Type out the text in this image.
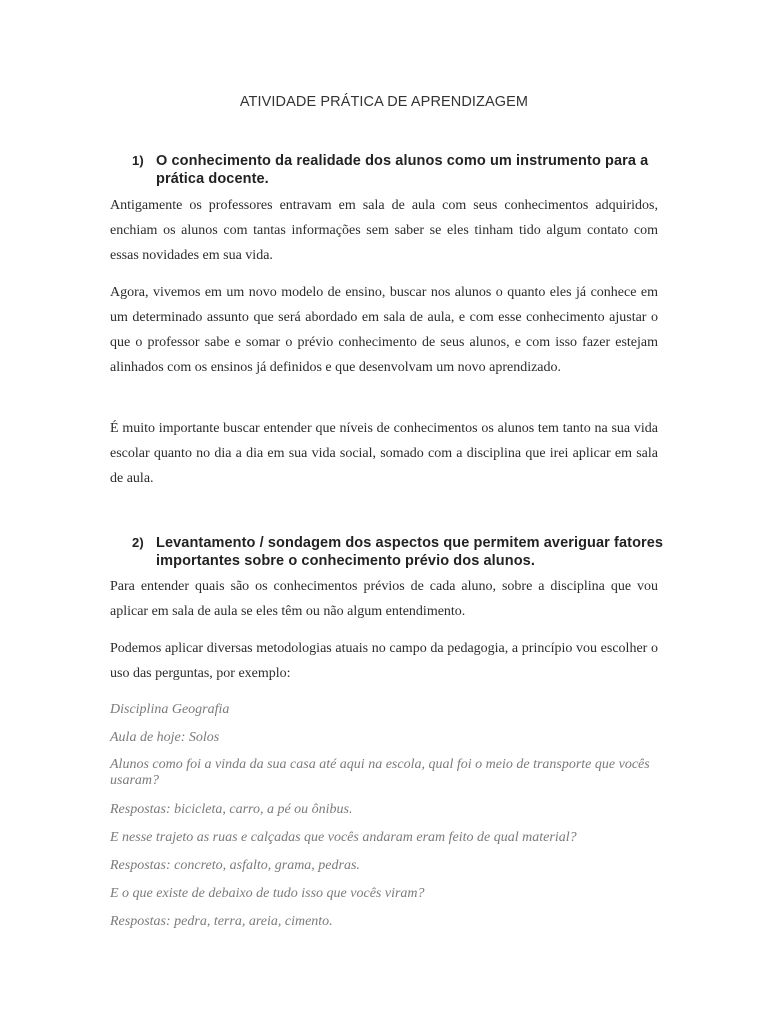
ATIVIDADE PRÁTICA DE APRENDIZAGEM
1) O conhecimento da realidade dos alunos como um instrumento para a prática docente.
Antigamente os professores entravam em sala de aula com seus conhecimentos adquiridos, enchiam os alunos com tantas informações sem saber se eles tinham tido algum contato com essas novidades em sua vida.
Agora, vivemos em um novo modelo de ensino, buscar nos alunos o quanto eles já conhece em um determinado assunto que será abordado em sala de aula, e com esse conhecimento ajustar o que o professor sabe e somar o prévio conhecimento de seus alunos, e com isso fazer estejam alinhados com os ensinos já definidos e que desenvolvam um novo aprendizado.
É muito importante buscar entender que níveis de conhecimentos os alunos tem tanto na sua vida escolar quanto no dia a dia em sua vida social, somado com a disciplina que irei aplicar em sala de aula.
2) Levantamento / sondagem dos aspectos que permitem averiguar fatores importantes sobre o conhecimento prévio dos alunos.
Para entender quais são os conhecimentos prévios de cada aluno, sobre a disciplina que vou aplicar em sala de aula se eles têm ou não algum entendimento.
Podemos aplicar diversas metodologias atuais no campo da pedagogia, a princípio vou escolher o uso das perguntas, por exemplo:
Disciplina Geografia
Aula de hoje: Solos
Alunos como foi a vinda da sua casa até aqui na escola, qual foi o meio de transporte que vocês usaram?
Respostas: bicicleta, carro, a pé ou ônibus.
E nesse trajeto as ruas e calçadas que vocês andaram eram feito de qual material?
Respostas: concreto, asfalto, grama, pedras.
E o que existe de debaixo de tudo isso que vocês viram?
Respostas: pedra, terra, areia, cimento.
